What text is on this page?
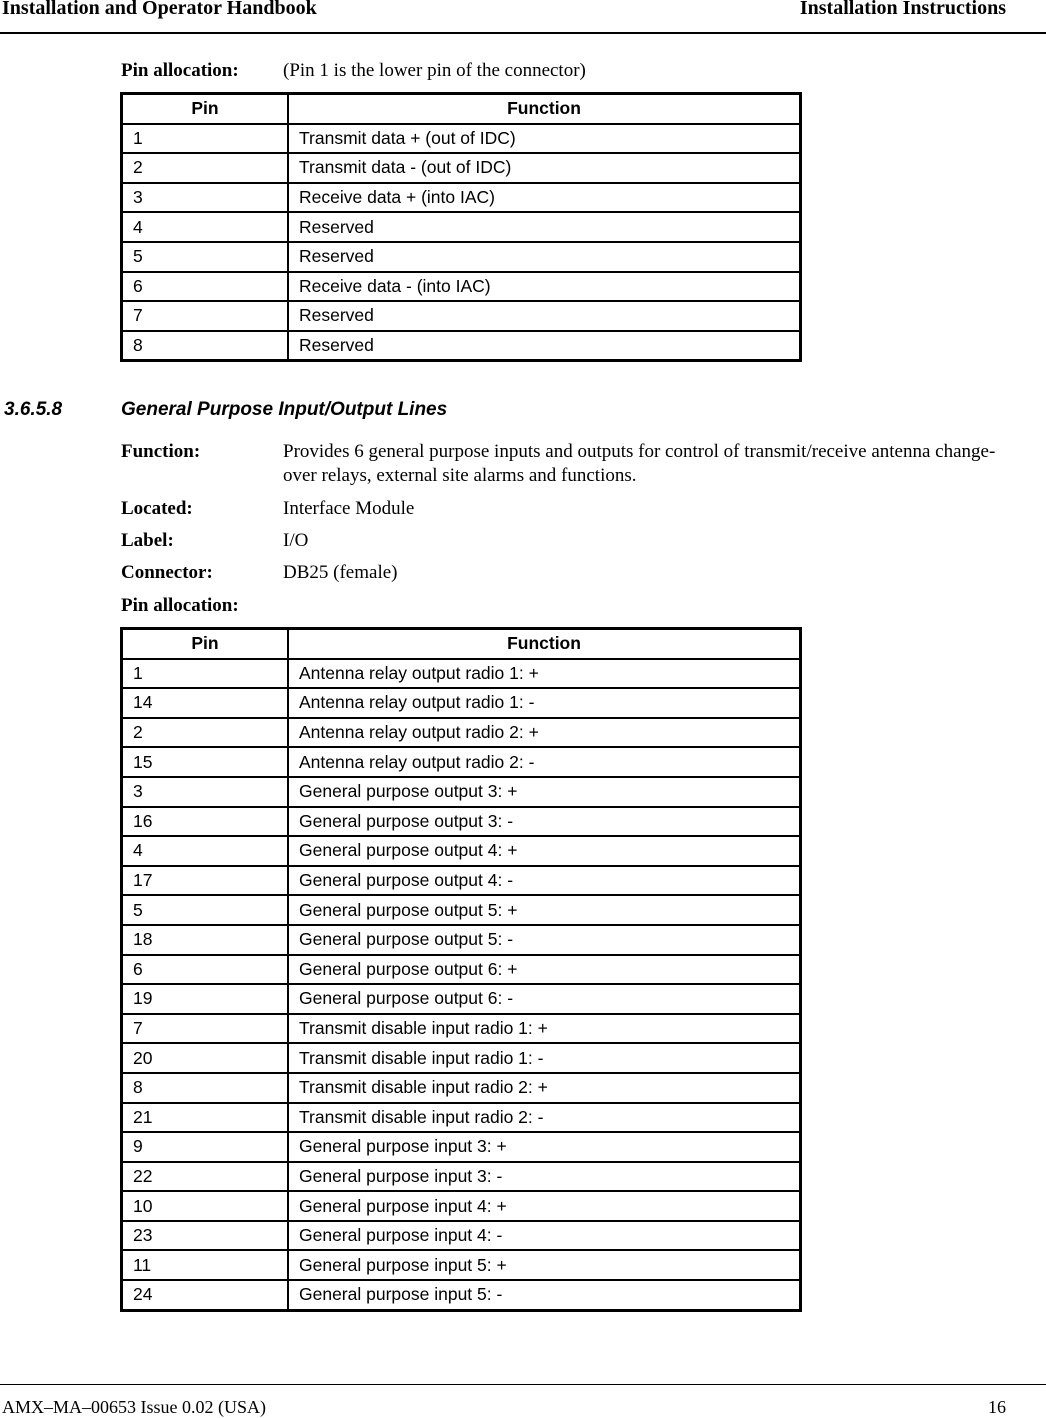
Installation and Operator Handbook	Installation Instructions
Pin allocation: (Pin 1 is the lower pin of the connector)
Pin	Function
1	Transmit data + (out of IDC)
2	Transmit data - (out of IDC)
3	Receive data + (into IAC)
4	Reserved
5	Reserved
6	Receive data - (into IAC)
7	Reserved
8	Reserved
3.6.5.8	General Purpose Input/Output Lines
Function:	Provides 6 general purpose inputs and outputs for control of transmit/receive antenna change-over relays, external site alarms and functions.
Located:	Interface Module
Label:	I/O
Connector:	DB25 (female)
Pin allocation:
Pin	Function
1	Antenna relay output radio 1: +
14	Antenna relay output radio 1: -
2	Antenna relay output radio 2: +
15	Antenna relay output radio 2: -
3	General purpose output 3: +
16	General purpose output 3: -
4	General purpose output 4: +
17	General purpose output 4: -
5	General purpose output 5: +
18	General purpose output 5: -
6	General purpose output 6: +
19	General purpose output 6: -
7	Transmit disable input radio 1: +
20	Transmit disable input radio 1: -
8	Transmit disable input radio 2: +
21	Transmit disable input radio 2: -
9	General purpose input 3: +
22	General purpose input 3: -
10	General purpose input 4: +
23	General purpose input 4: -
11	General purpose input 5: +
24	General purpose input 5: -
AMX–MA–00653 Issue 0.02 (USA)	16
